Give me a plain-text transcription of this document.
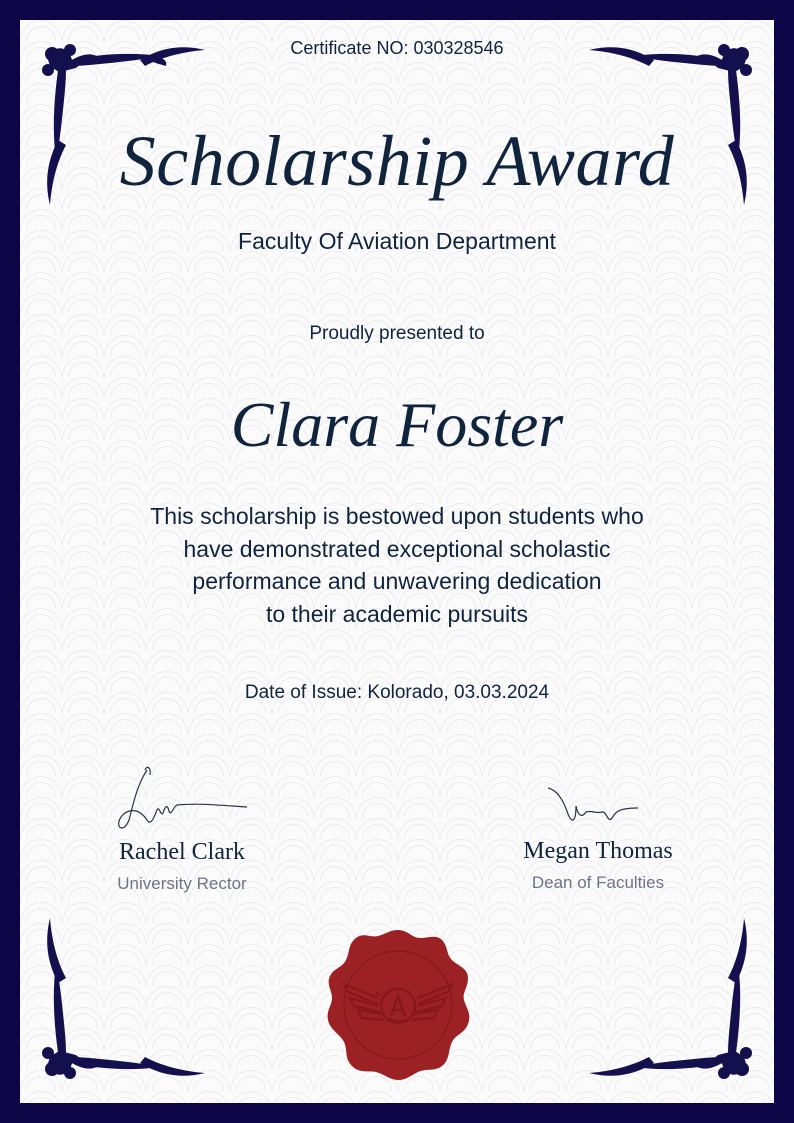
Certificate NO: 030328546
Scholarship Award
Faculty Of Aviation Department
Proudly presented to
Clara Foster
This scholarship is bestowed upon students who
have demonstrated exceptional scholastic
performance and unwavering dedication
to their academic pursuits
Date of Issue: Kolorado, 03.03.2024
Rachel Clark
University Rector
Megan Thomas
Dean of Faculties
